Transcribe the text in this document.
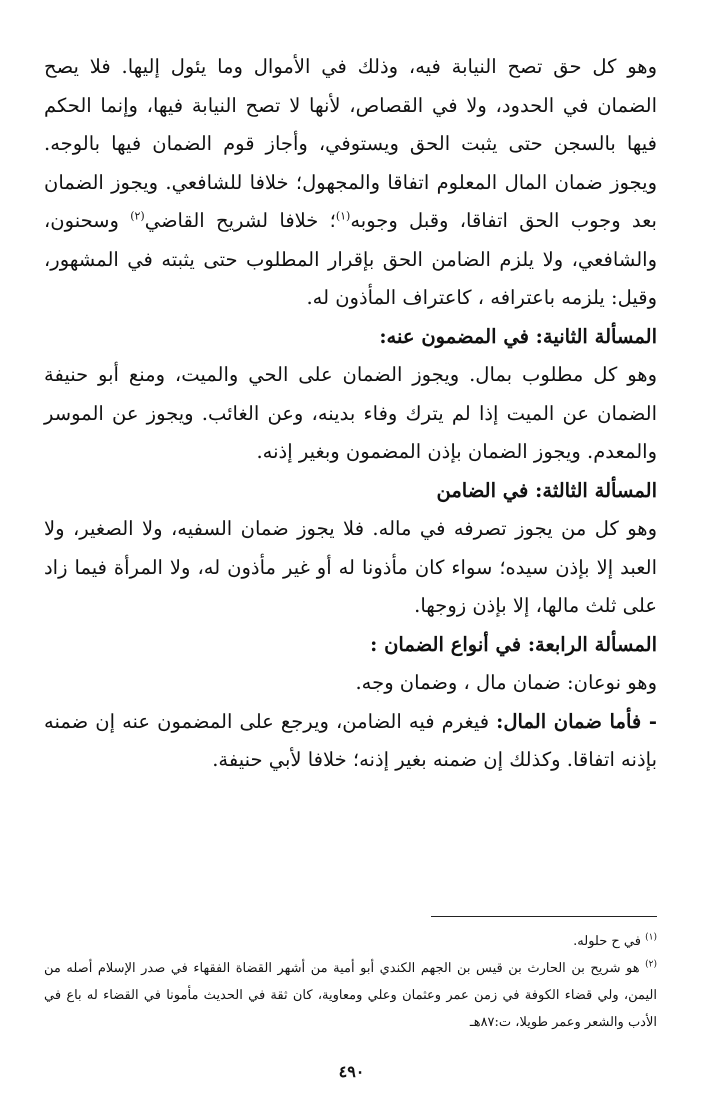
وهو كل حق تصح النيابة فيه، وذلك في الأموال وما يئول إليها. فلا يصح الضمان في الحدود، ولا في القصاص، لأنها لا تصح النيابة فيها، وإنما الحكم فيها بالسجن حتى يثبت الحق ويستوفي، وأجاز قوم الضمان فيها بالوجه. ويجوز ضمان المال المعلوم اتفاقا والمجهول؛ خلافا للشافعي. ويجوز الضمان بعد وجوب الحق اتفاقا، وقبل وجوبه$^{(١)}$؛ خلافا لشريح القاضي$^{(٢)}$ وسحنون، والشافعي، ولا يلزم الضامن الحق بإقرار المطلوب حتى يثبته في المشهور، وقيل: يلزمه باعترافه ، كاعتراف المأذون له.

المسألة الثانية: في المضمون عنه:

وهو كل مطلوب بمال. ويجوز الضمان على الحي والميت، ومنع أبو حنيفة الضمان عن الميت إذا لم يترك وفاء بدينه، وعن الغائب. ويجوز عن الموسر والمعدم. ويجوز الضمان بإذن المضمون وبغير إذنه.

المسألة الثالثة: في الضامن

وهو كل من يجوز تصرفه في ماله. فلا يجوز ضمان السفيه، ولا الصغير، ولا العبد إلا بإذن سيده؛ سواء كان مأذونا له أو غير مأذون له، ولا المرأة فيما زاد على ثلث مالها، إلا بإذن زوجها.

المسألة الرابعة: في أنواع الضمان :

وهو نوعان: ضمان مال ، وضمان وجه.

- فأما ضمان المال: فيغرم فيه الضامن، ويرجع على المضمون عنه إن ضمنه بإذنه اتفاقا. وكذلك إن ضمنه بغير إذنه؛ خلافا لأبي حنيفة.

$^{(١)}$ في ح حلوله.

$^{(٢)}$ هو شريح بن الحارث بن قيس بن الجهم الكندي أبو أمية من أشهر القضاة الفقهاء في صدر الإسلام أصله من اليمن، ولي قضاء الكوفة في زمن عمر وعثمان وعلي ومعاوية، كان ثقة في الحديث مأمونا في القضاء له باع في الأدب والشعر وعمر طويلا، ت:٨٧هـ

٤٩٠
